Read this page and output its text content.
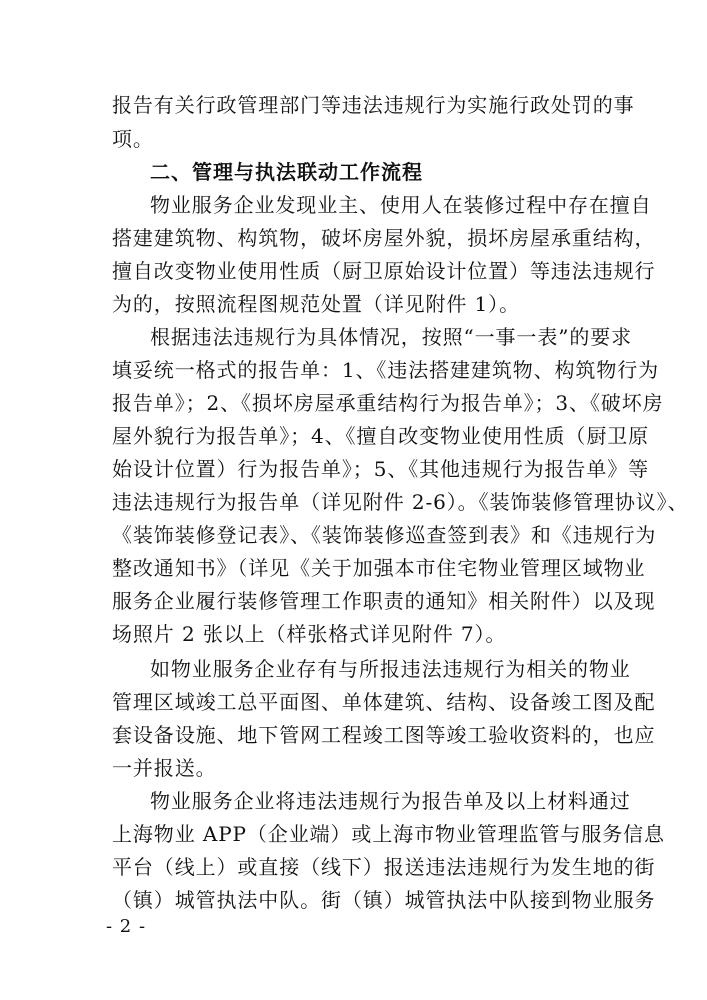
报告有关行政管理部门等违法违规行为实施行政处罚的事
项。
二、管理与执法联动工作流程
物业服务企业发现业主、使用人在装修过程中存在擅自
搭建建筑物、构筑物，破坏房屋外貌，损坏房屋承重结构，
擅自改变物业使用性质（厨卫原始设计位置）等违法违规行
为的，按照流程图规范处置（详见附件 1）。
根据违法违规行为具体情况，按照“一事一表”的要求
填妥统一格式的报告单：1、《违法搭建建筑物、构筑物行为
报告单》；2、《损坏房屋承重结构行为报告单》；3、《破坏房
屋外貌行为报告单》；4、《擅自改变物业使用性质（厨卫原
始设计位置）行为报告单》；5、《其他违规行为报告单》等
违法违规行为报告单（详见附件 2-6）。《装饰装修管理协议》、
《装饰装修登记表》、《装饰装修巡查签到表》和《违规行为
整改通知书》（详见《关于加强本市住宅物业管理区域物业
服务企业履行装修管理工作职责的通知》相关附件）以及现
场照片 2 张以上（样张格式详见附件 7）。
如物业服务企业存有与所报违法违规行为相关的物业
管理区域竣工总平面图、单体建筑、结构、设备竣工图及配
套设备设施、地下管网工程竣工图等竣工验收资料的，也应
一并报送。
物业服务企业将违法违规行为报告单及以上材料通过
上海物业 APP（企业端）或上海市物业管理监管与服务信息
平台（线上）或直接（线下）报送违法违规行为发生地的街
（镇）城管执法中队。街（镇）城管执法中队接到物业服务
- 2 -
